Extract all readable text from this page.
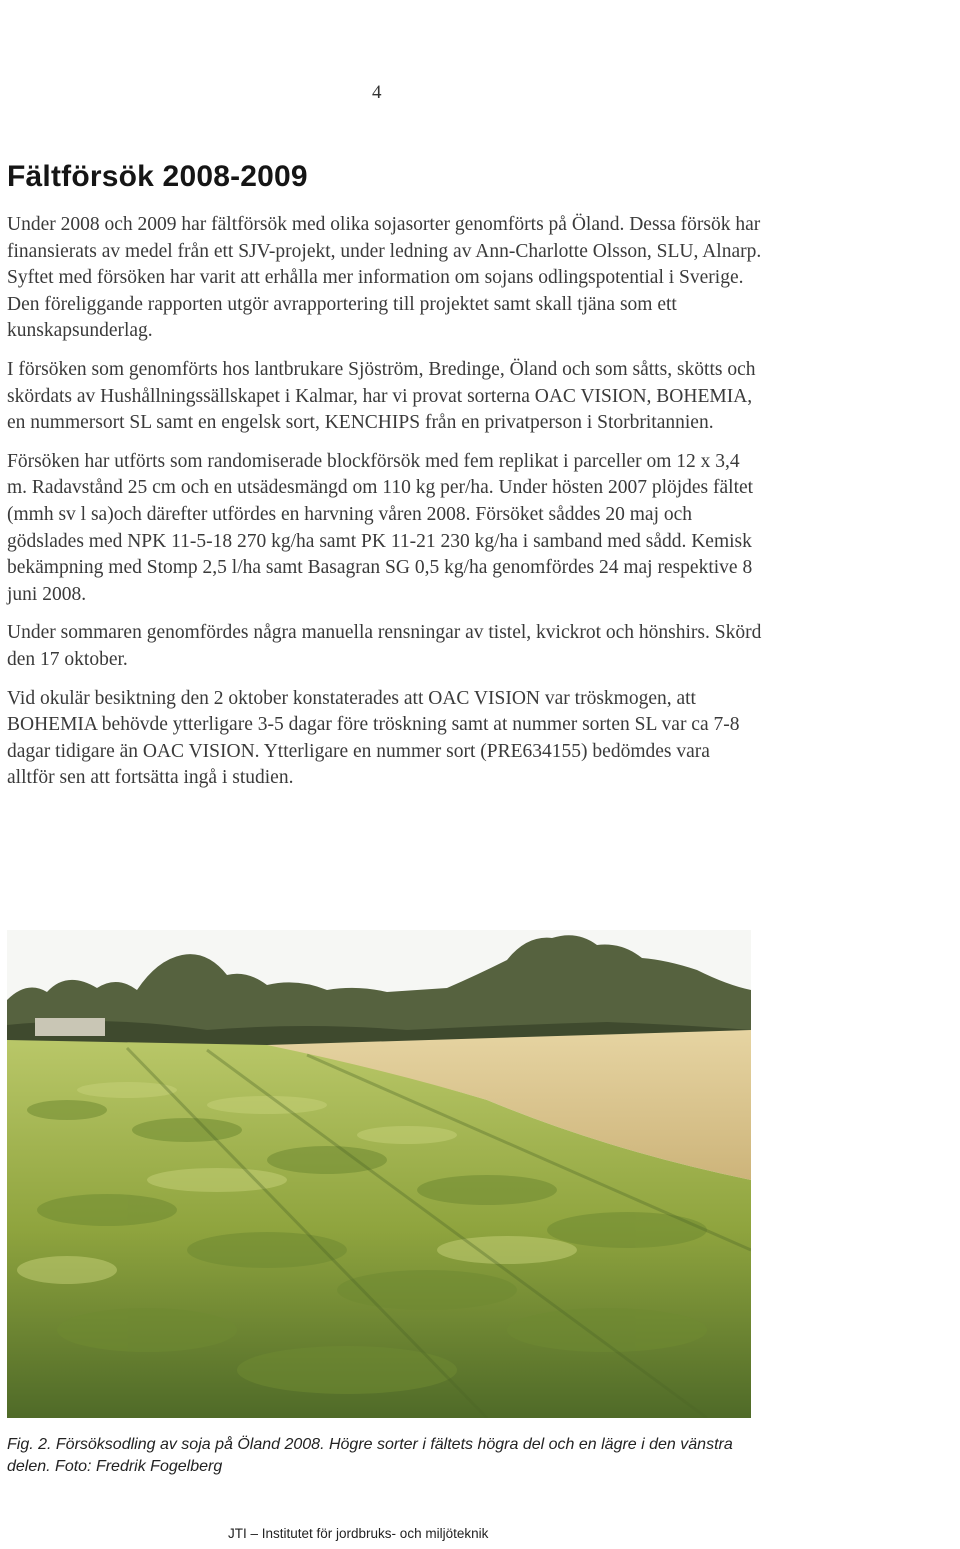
4
Fältförsök 2008-2009

Under 2008 och 2009 har fältförsök med olika sojasorter genomförts på Öland. Dessa försök har finansierats av medel från ett SJV-projekt, under ledning av Ann-Charlotte Olsson, SLU, Alnarp. Syftet med försöken har varit att erhålla mer information om sojans odlingspotential i Sverige. Den föreliggande rapporten utgör avrapportering till projektet samt skall tjäna som ett kunskapsunderlag.

I försöken som genomförts hos lantbrukare Sjöström, Bredinge, Öland och som såtts, skötts och skördats av Hushållningssällskapet i Kalmar, har vi provat sorterna OAC VISION, BOHEMIA, en nummersort SL samt en engelsk sort, KENCHIPS från en privatperson i Storbritannien.

Försöken har utförts som randomiserade blockförsök med fem replikat i parceller om 12 x 3,4 m. Radavstånd 25 cm och en utsädesmängd om 110 kg per/ha. Under hösten 2007 plöjdes fältet (mmh sv l sa)och därefter utfördes en harvning våren 2008. Försöket såddes 20 maj och gödslades med NPK 11-5-18 270 kg/ha samt PK 11-21 230 kg/ha i samband med sådd. Kemisk bekämpning med Stomp 2,5 l/ha samt Basagran SG 0,5 kg/ha genomfördes 24 maj respektive 8 juni 2008.

Under sommaren genomfördes några manuella rensningar av tistel, kvickrot och hönshirs. Skörd den 17 oktober.

Vid okulär besiktning den 2 oktober konstaterades att OAC VISION var tröskmogen, att BOHEMIA behövde ytterligare 3-5 dagar före tröskning samt at nummer sorten SL var ca 7-8 dagar tidigare än OAC VISION. Ytterligare en nummer sort (PRE634155) bedömdes vara alltför sen att fortsätta ingå i studien.

Fig. 2. Försöksodling av soja på Öland 2008. Högre sorter i fältets högra del och en lägre i den vänstra delen. Foto: Fredrik Fogelberg
JTI – Institutet för jordbruks- och miljöteknik
